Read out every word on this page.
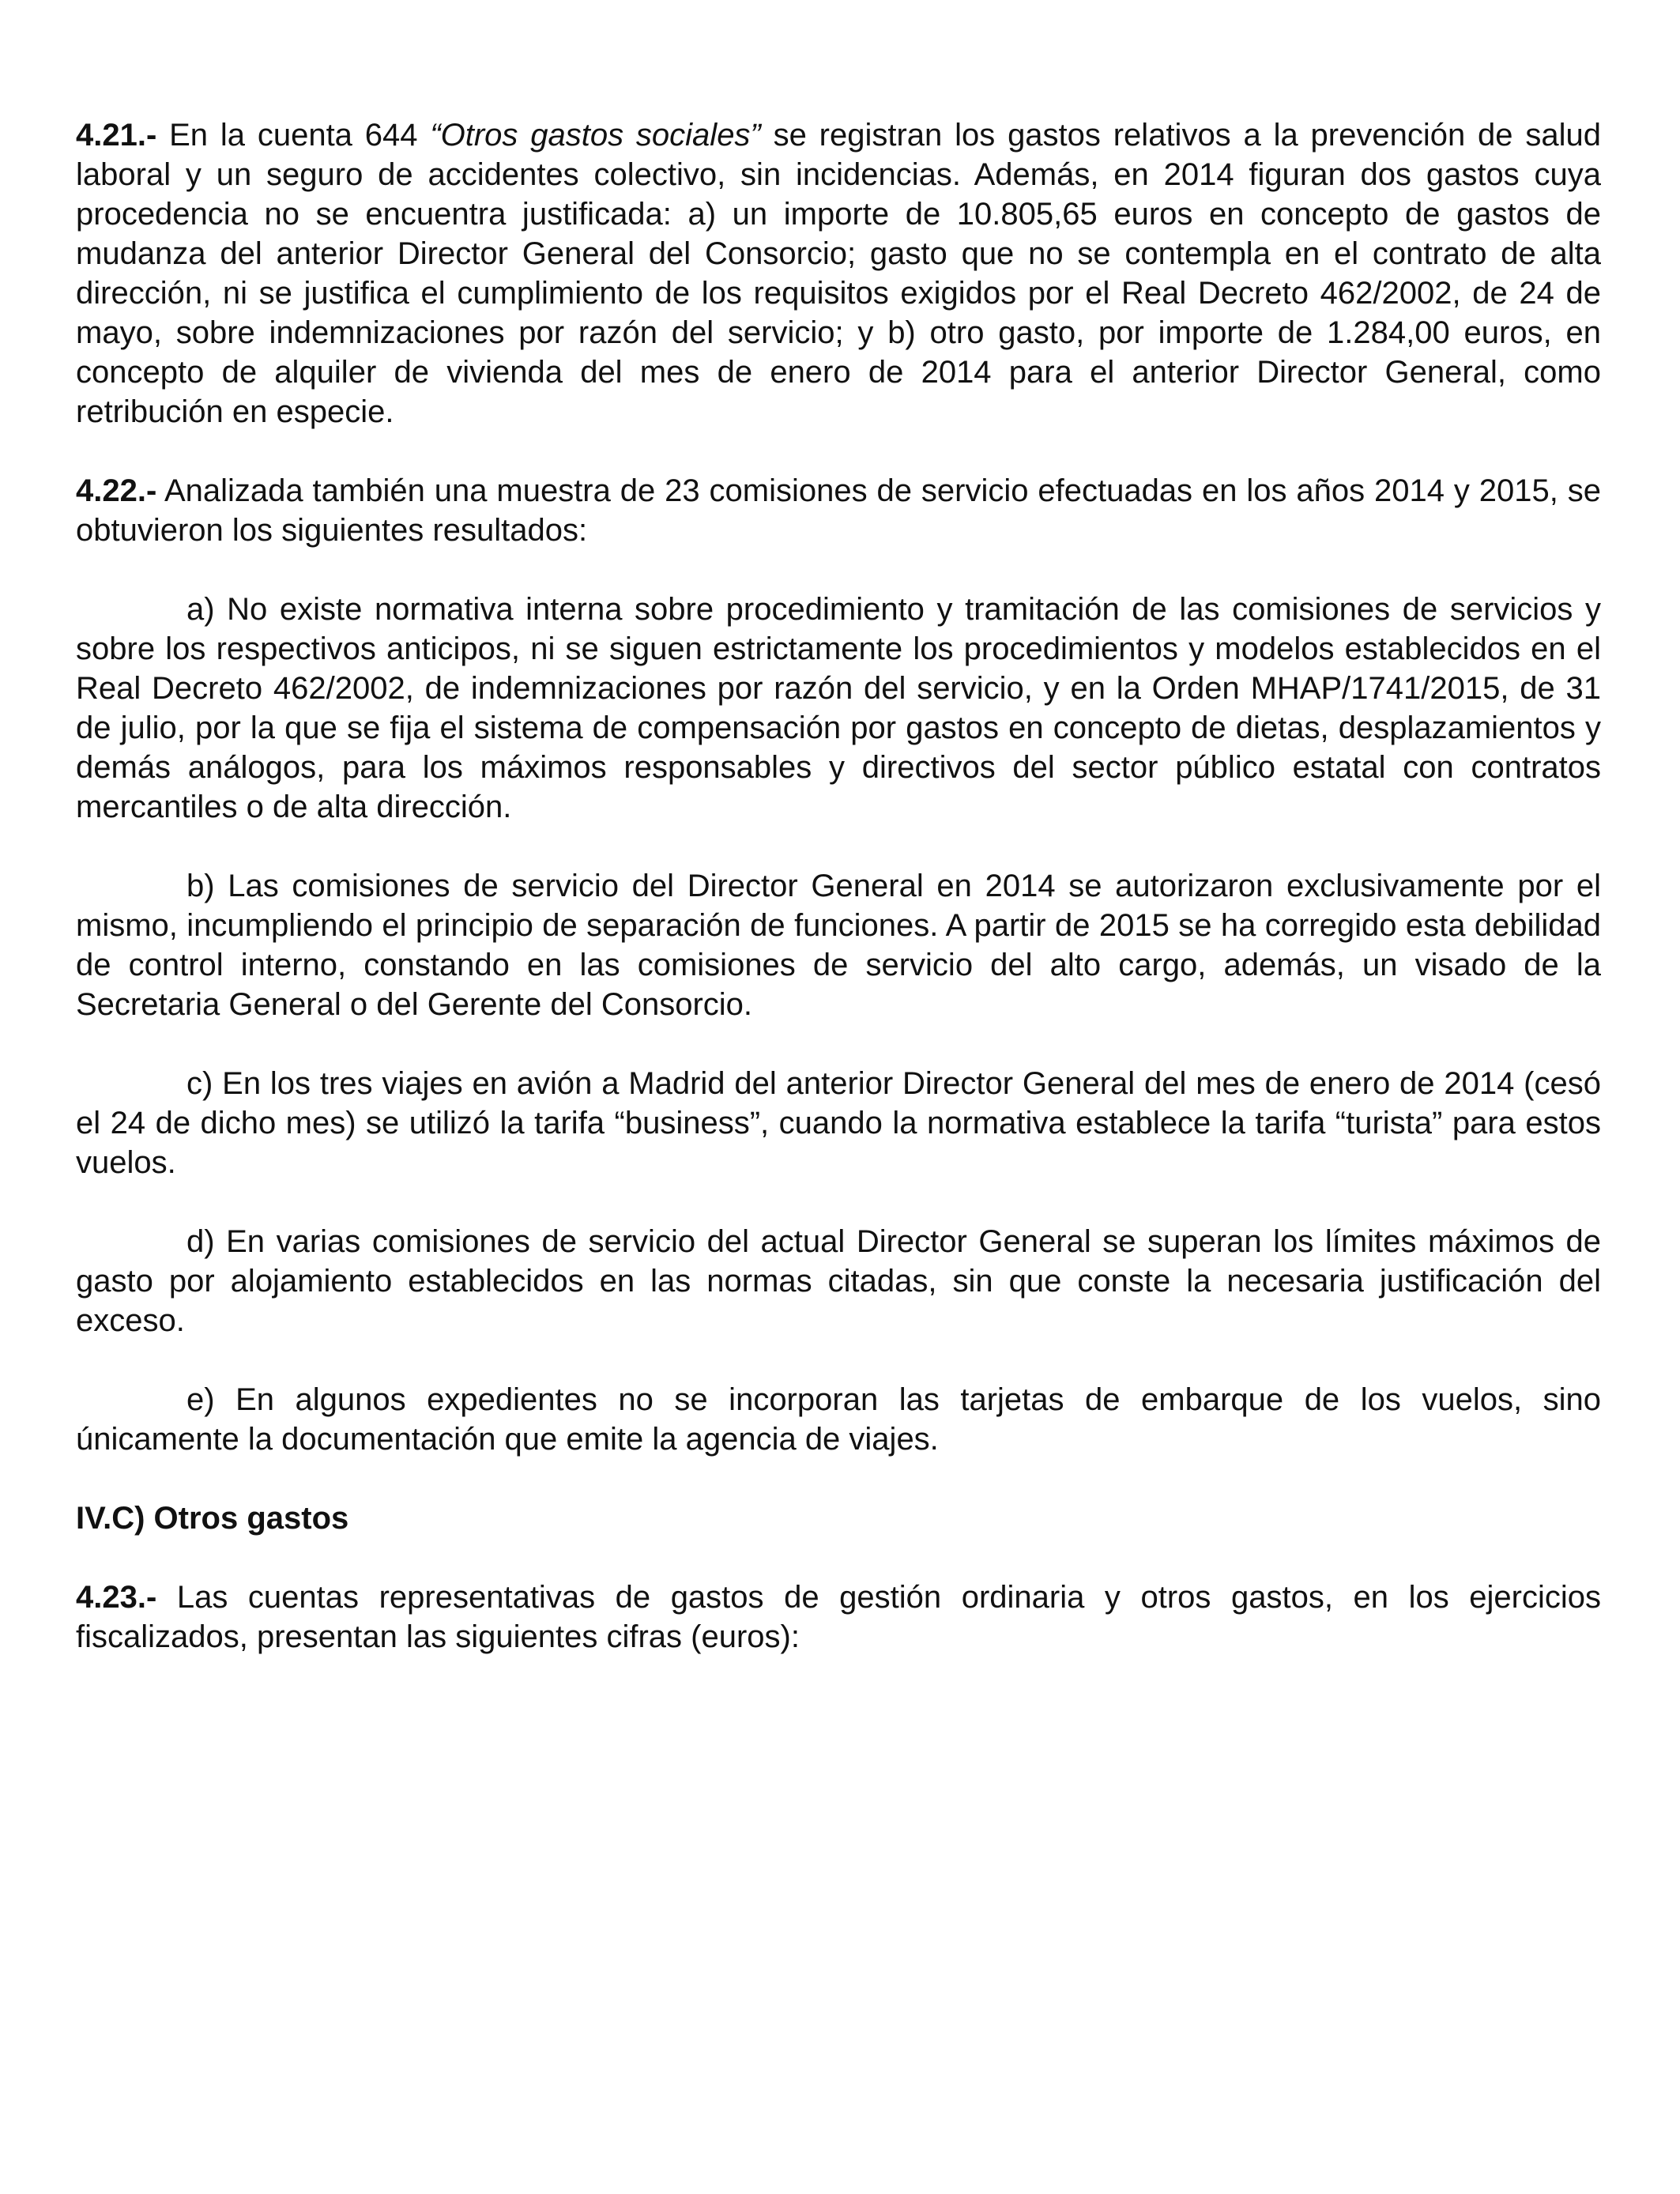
4.21.- En la cuenta 644 “Otros gastos sociales” se registran los gastos relativos a la prevención de salud laboral y un seguro de accidentes colectivo, sin incidencias. Además, en 2014 figuran dos gastos cuya procedencia no se encuentra justificada: a) un importe de 10.805,65 euros en concepto de gastos de mudanza del anterior Director General del Consorcio; gasto que no se contempla en el contrato de alta dirección, ni se justifica el cumplimiento de los requisitos exigidos por el Real Decreto 462/2002, de 24 de mayo, sobre indemnizaciones por razón del servicio; y b) otro gasto, por importe de 1.284,00 euros, en concepto de alquiler de vivienda del mes de enero de 2014 para el anterior Director General, como retribución en especie.

4.22.- Analizada también una muestra de 23 comisiones de servicio efectuadas en los años 2014 y 2015, se obtuvieron los siguientes resultados:

a) No existe normativa interna sobre procedimiento y tramitación de las comisiones de servicios y sobre los respectivos anticipos, ni se siguen estrictamente los procedimientos y modelos establecidos en el Real Decreto 462/2002, de indemnizaciones por razón del servicio, y en la Orden MHAP/1741/2015, de 31 de julio, por la que se fija el sistema de compensación por gastos en concepto de dietas, desplazamientos y demás análogos, para los máximos responsables y directivos del sector público estatal con contratos mercantiles o de alta dirección.

b) Las comisiones de servicio del Director General en 2014 se autorizaron exclusivamente por el mismo, incumpliendo el principio de separación de funciones. A partir de 2015 se ha corregido esta debilidad de control interno, constando en las comisiones de servicio del alto cargo, además, un visado de la Secretaria General o del Gerente del Consorcio.

c) En los tres viajes en avión a Madrid del anterior Director General del mes de enero de 2014 (cesó el 24 de dicho mes) se utilizó la tarifa “business”, cuando la normativa establece la tarifa “turista” para estos vuelos.

d) En varias comisiones de servicio del actual Director General se superan los límites máximos de gasto por alojamiento establecidos en las normas citadas, sin que conste la necesaria justificación del exceso.

e) En algunos expedientes no se incorporan las tarjetas de embarque de los vuelos, sino únicamente la documentación que emite la agencia de viajes.

IV.C) Otros gastos

4.23.- Las cuentas representativas de gastos de gestión ordinaria y otros gastos, en los ejercicios fiscalizados, presentan las siguientes cifras (euros):
